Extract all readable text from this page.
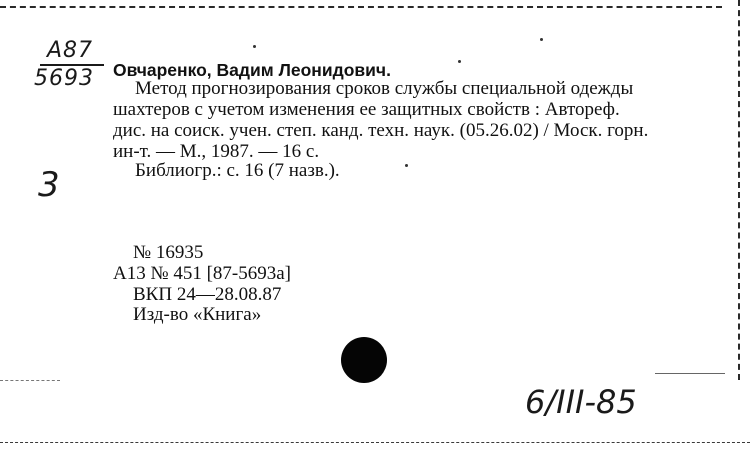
А87
5693 Овчаренко, Вадим Леонидович.
Метод прогнозирования сроков службы специальной одежды
шахтеров с учетом изменения ее защитных свойств : Автореф.
дис. на соиск. учен. степ. канд. техн. наук. (05.26.02) / Моск. горн.
ин-т. — М., 1987. — 16 с.
Библиогр.: с. 16 (7 назв.).
3
№ 16935
А13 № 451 [87-5693а]
ВКП 24—28.08.87
Изд-во «Книга»
6/III-85
